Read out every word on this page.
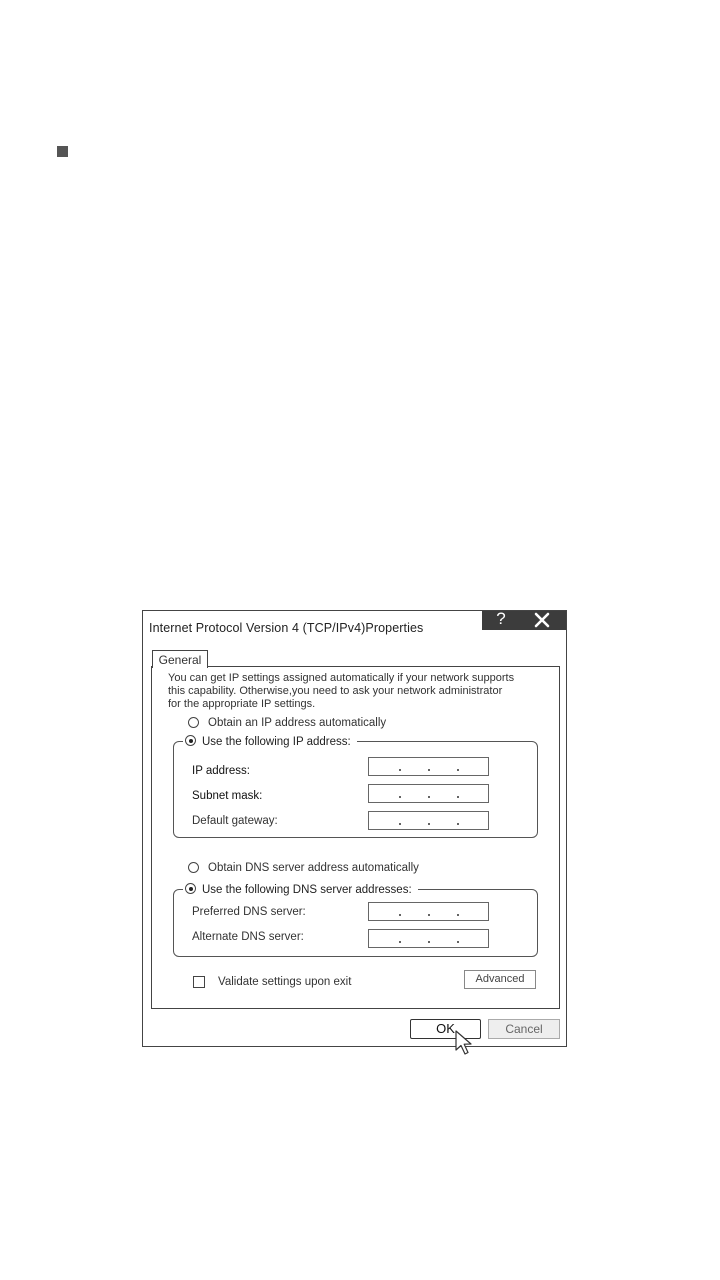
Internet Protocol Version 4 (TCP/IPv4)Properties	?
General
You can get IP settings assigned automatically if your network supports
this capability. Otherwise,you need to ask your network administrator
for the appropriate IP settings.
Obtain an IP address automatically
Use the following IP address:
IP address:
Subnet mask:
Default gateway:
Obtain DNS server address automatically
Use the following DNS server addresses:
Preferred DNS server:
Alternate DNS server:
Validate settings upon exit	Advanced
OK	Cancel
